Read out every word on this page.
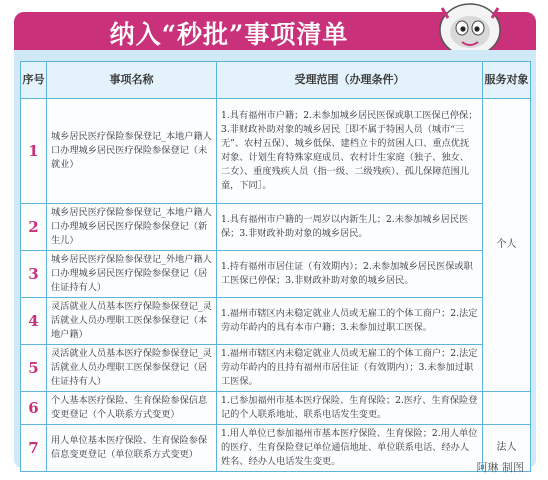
纳入“秒批”事项清单
序号	事项名称	受理范围（办理条件）	服务对象
1	城乡居民医疗保险参保登记_本地户籍人口办理城乡居民医疗保险参保登记（未就业）	1.具有福州市户籍；2.未参加城乡居民医保或职工医保已停保；3.非财政补助对象的城乡居民［即不属于特困人员（城市“三无”、农村五保）、城乡低保、建档立卡的贫困人口、重点优抚对象、计划生育特殊家庭成员、农村计生家庭（独子、独女、二女）、重度残疾人员（指一级、二级残疾）、孤儿保障范围儿童，下同］。	个人
2	城乡居民医疗保险参保登记_本地户籍人口办理城乡居民医疗保险参保登记（新生儿）	1.具有福州市户籍的一周岁以内新生儿；2.未参加城乡居民医保；3.非财政补助对象的城乡居民。	
3	城乡居民医疗保险参保登记_外地户籍人口办理城乡居民医疗保险参保登记（居住证持有人）	1.持有福州市居住证（有效期内）；2.未参加城乡居民医保或职工医保已停保；3.非财政补助对象的城乡居民。	
4	灵活就业人员基本医疗保险参保登记_灵活就业人员办理职工医保参保登记（本地户籍）	1.福州市辖区内未稳定就业人员或无雇工的个体工商户；2.法定劳动年龄内的具有本市户籍；3.未参加过职工医保。	
5	灵活就业人员基本医疗保险参保登记_灵活就业人员办理职工医保参保登记（居住证持有人）	1.福州市辖区内未稳定就业人员或无雇工的个体工商户；2.法定劳动年龄内的且持有福州市居住证（有效期内）；3.未参加过职工医保。	
6	个人基本医疗保险、生育保险参保信息变更登记（个人联系方式变更）	1.已参加福州市基本医疗保险、生育保险；2.医疗、生育保险登记的个人联系地址、联系电话发生变更。	
7	用人单位基本医疗保险、生育保险参保信息变更登记（单位联系方式变更）	1.用人单位已参加福州市基本医疗保险、生育保险；2.用人单位的医疗、生育保险登记单位通信地址、单位联系电话、经办人姓名、经办人电话发生变更。	法人
阿琳 制图
